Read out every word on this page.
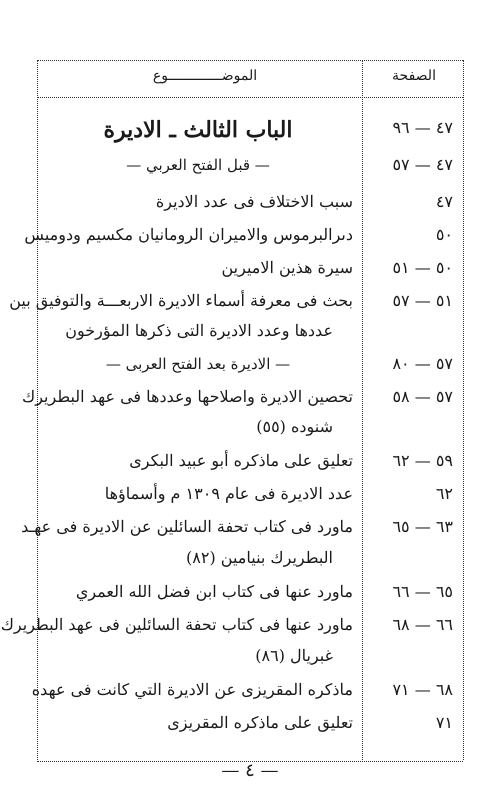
الصفحة
الموضـــــــــــــوع
٤٧ — ٩٦
الباب الثالث ـ الاديرة
٤٧ — ٥٧
— قبل الفتح العربي —
٤٧
سبب الاختلاف فى عدد الاديرة
٥٠
دىرالبرموس والاميران الرومانيان مكسيم ودوميس
٥٠ — ٥١
سيرة هذين الاميرين
٥١ — ٥٧
بحث فى معرفة أسماء الاديرة الاربعـــة والتوفيق بين
عددها وعدد الاديرة التى ذكرها المؤرخون
٥٧ — ٨٠
— الاديرة بعد الفتح العربى —
٥٧ — ٥٨
تحصين الاديرة واصلاحها وعددها فى عهد البطريرك
شنوده (٥٥)
٥٩ — ٦٢
تعليق على ماذكره أبو عبيد البكرى
٦٢
عدد الاديرة فى عام ١٣٠٩ م وأسماؤها
٦٣ — ٦٥
ماورد فى كتاب تحفة السائلين عن الاديرة فى عهـد
البطريرك بنيامين (٨٢)
٦٥ — ٦٦
ماورد عنها فى كتاب ابن فضل الله العمري
٦٦ — ٦٨
ماورد عنها فى كتاب تحفة السائلين فى عهد البطريرك
غبريال (٨٦)
٦٨ — ٧١
ماذكره المقريزى عن الاديرة التي كانت فى عهده
٧١
تعليق على ماذكره المقريزى
— ٤ —
